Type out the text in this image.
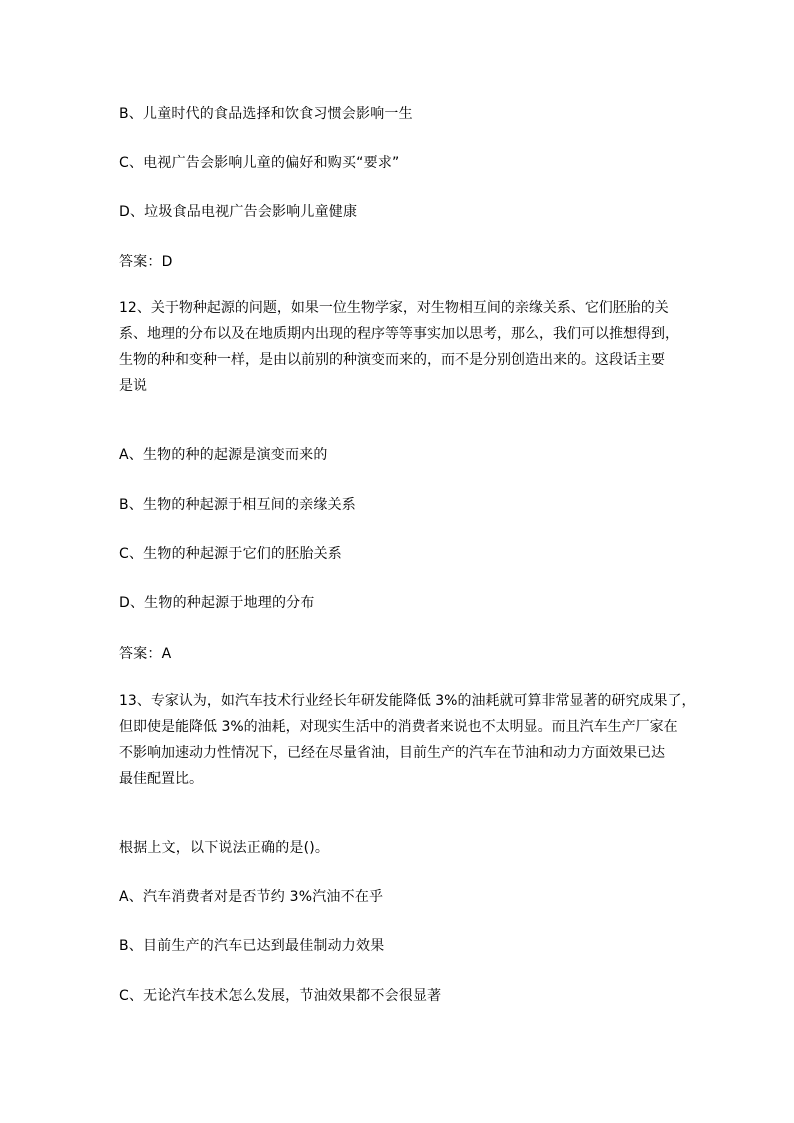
B、儿童时代的食品选择和饮食习惯会影响一生
C、电视广告会影响儿童的偏好和购买“要求”
D、垃圾食品电视广告会影响儿童健康
答案：D
12、关于物种起源的问题，如果一位生物学家，对生物相互间的亲缘关系、它们胚胎的关
系、地理的分布以及在地质期内出现的程序等等事实加以思考，那么，我们可以推想得到，
生物的种和变种一样，是由以前别的种演变而来的，而不是分别创造出来的。这段话主要
是说
A、生物的种的起源是演变而来的
B、生物的种起源于相互间的亲缘关系
C、生物的种起源于它们的胚胎关系
D、生物的种起源于地理的分布
答案：A
13、专家认为，如汽车技术行业经长年研发能降低 3%的油耗就可算非常显著的研究成果了，
但即使是能降低 3%的油耗，对现实生活中的消费者来说也不太明显。而且汽车生产厂家在
不影响加速动力性情况下，已经在尽量省油，目前生产的汽车在节油和动力方面效果已达
最佳配置比。
根据上文，以下说法正确的是()。
A、汽车消费者对是否节约 3%汽油不在乎
B、目前生产的汽车已达到最佳制动力效果
C、无论汽车技术怎么发展，节油效果都不会很显著
